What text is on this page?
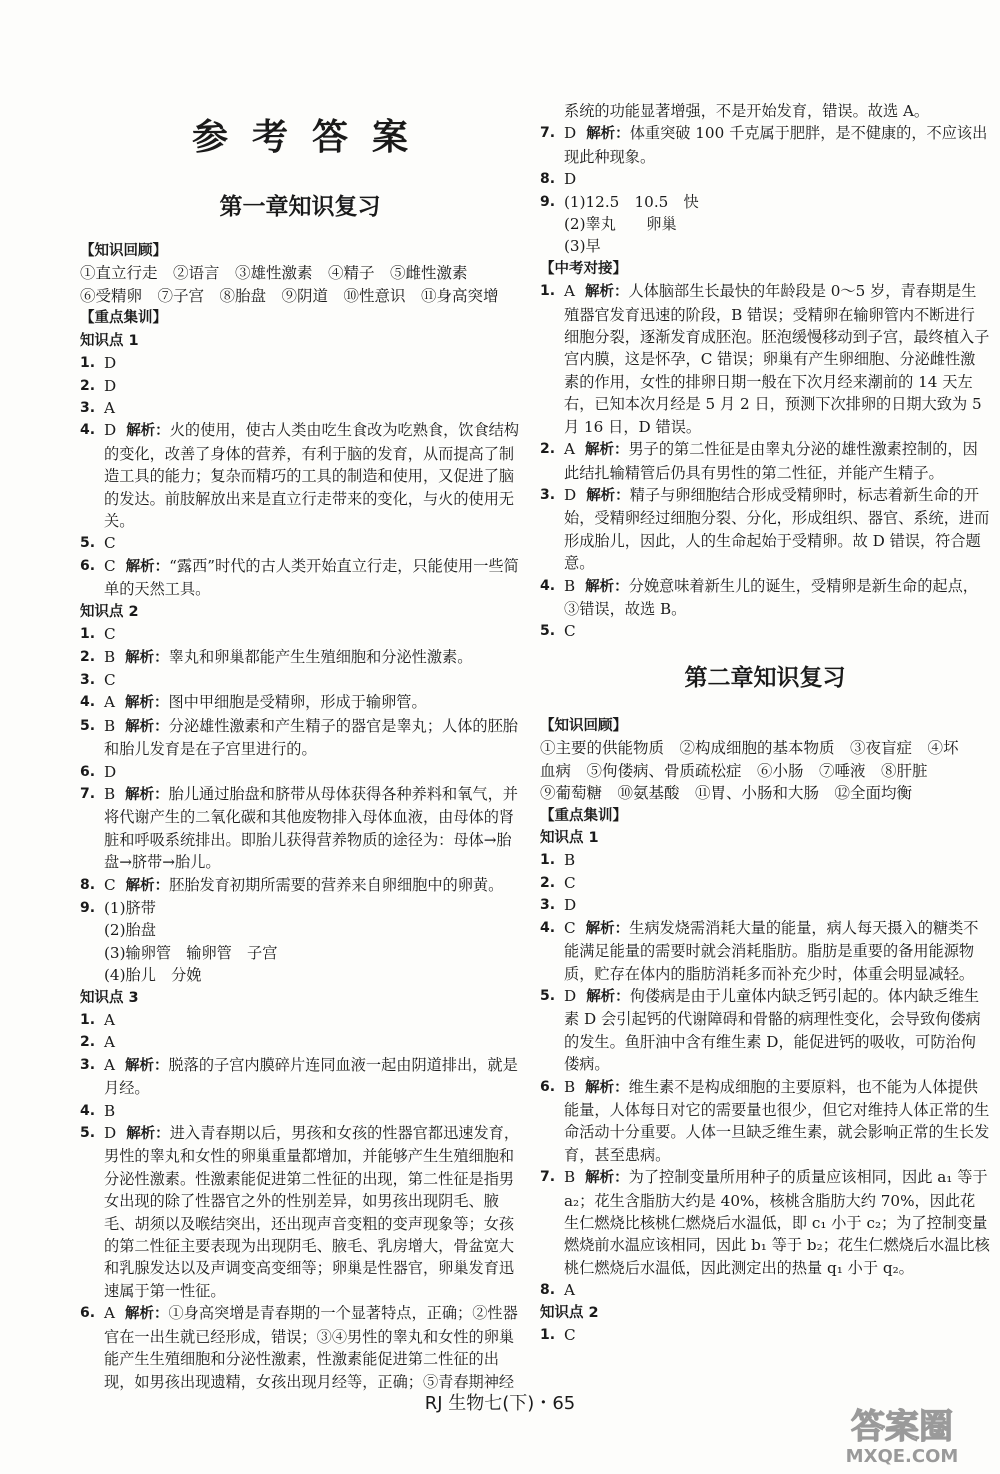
参考答案
第一章知识复习
【知识回顾】
①直立行走　②语言　③雄性激素　④精子　⑤雌性激素
⑥受精卵　⑦子宫　⑧胎盘　⑨阴道　⑩性意识　⑪身高突增
【重点集训】
知识点 1
1. D
2. D
3. A
4. D 解析：火的使用，使古人类由吃生食改为吃熟食，饮食结构的变化，改善了身体的营养，有利于脑的发育，从而提高了制造工具的能力；复杂而精巧的工具的制造和使用，又促进了脑的发达。前肢解放出来是直立行走带来的变化，与火的使用无关。
5. C
6. C 解析：“露西”时代的古人类开始直立行走，只能使用一些简单的天然工具。
知识点 2
1. C
2. B 解析：睾丸和卵巢都能产生生殖细胞和分泌性激素。
3. C
4. A 解析：图中甲细胞是受精卵，形成于输卵管。
5. B 解析：分泌雄性激素和产生精子的器官是睾丸；人体的胚胎和胎儿发育是在子宫里进行的。
6. D
7. B 解析：胎儿通过胎盘和脐带从母体获得各种养料和氧气，并将代谢产生的二氧化碳和其他废物排入母体血液，由母体的肾脏和呼吸系统排出。即胎儿获得营养物质的途径为：母体→胎盘→脐带→胎儿。
8. C 解析：胚胎发育初期所需要的营养来自卵细胞中的卵黄。
9. (1)脐带
(2)胎盘
(3)输卵管　输卵管　子宫
(4)胎儿　分娩
知识点 3
1. A
2. A
3. A 解析：脱落的子宫内膜碎片连同血液一起由阴道排出，就是月经。
4. B
5. D 解析：进入青春期以后，男孩和女孩的性器官都迅速发育，男性的睾丸和女性的卵巢重量都增加，并能够产生生殖细胞和分泌性激素。性激素能促进第二性征的出现，第二性征是指男女出现的除了性器官之外的性别差异，如男孩出现阴毛、腋毛、胡须以及喉结突出，还出现声音变粗的变声现象等；女孩的第二性征主要表现为出现阴毛、腋毛、乳房增大，骨盆宽大和乳腺发达以及声调变高变细等；卵巢是性器官，卵巢发育迅速属于第一性征。
6. A 解析：①身高突增是青春期的一个显著特点，正确；②性器官在一出生就已经形成，错误；③④男性的睾丸和女性的卵巢能产生生殖细胞和分泌性激素，性激素能促进第二性征的出现，如男孩出现遗精，女孩出现月经等，正确；⑤青春期神经
系统的功能显著增强，不是开始发育，错误。故选 A。
7. D 解析：体重突破 100 千克属于肥胖，是不健康的，不应该出现此种现象。
8. D
9. (1)12.5　10.5　快
(2)睾丸　　卵巢
(3)早
【中考对接】
1. A 解析：人体脑部生长最快的年龄段是 0～5 岁，青春期是生殖器官发育迅速的阶段，B 错误；受精卵在输卵管内不断进行细胞分裂，逐渐发育成胚泡。胚泡缓慢移动到子宫，最终植入子宫内膜，这是怀孕，C 错误；卵巢有产生卵细胞、分泌雌性激素的作用，女性的排卵日期一般在下次月经来潮前的 14 天左右，已知本次月经是 5 月 2 日，预测下次排卵的日期大致为 5 月 16 日，D 错误。
2. A 解析：男子的第二性征是由睾丸分泌的雄性激素控制的，因此结扎输精管后仍具有男性的第二性征，并能产生精子。
3. D 解析：精子与卵细胞结合形成受精卵时，标志着新生命的开始，受精卵经过细胞分裂、分化，形成组织、器官、系统，进而形成胎儿，因此，人的生命起始于受精卵。故 D 错误，符合题意。
4. B 解析：分娩意味着新生儿的诞生，受精卵是新生命的起点，③错误，故选 B。
5. C
第二章知识复习
【知识回顾】
①主要的供能物质　②构成细胞的基本物质　③夜盲症　④坏
血病　⑤佝偻病、骨质疏松症　⑥小肠　⑦唾液　⑧肝脏
⑨葡萄糖　⑩氨基酸　⑪胃、小肠和大肠　⑫全面均衡
【重点集训】
知识点 1
1. B
2. C
3. D
4. C 解析：生病发烧需消耗大量的能量，病人每天摄入的糖类不能满足能量的需要时就会消耗脂肪。脂肪是重要的备用能源物质，贮存在体内的脂肪消耗多而补充少时，体重会明显减轻。
5. D 解析：佝偻病是由于儿童体内缺乏钙引起的。体内缺乏维生素 D 会引起钙的代谢障碍和骨骼的病理性变化，会导致佝偻病的发生。鱼肝油中含有维生素 D，能促进钙的吸收，可防治佝偻病。
6. B 解析：维生素不是构成细胞的主要原料，也不能为人体提供能量，人体每日对它的需要量也很少，但它对维持人体正常的生命活动十分重要。人体一旦缺乏维生素，就会影响正常的生长发育，甚至患病。
7. B 解析：为了控制变量所用种子的质量应该相同，因此 a₁ 等于 a₂；花生含脂肪大约是 40%，核桃含脂肪大约 70%，因此花生仁燃烧比核桃仁燃烧后水温低，即 c₁ 小于 c₂；为了控制变量燃烧前水温应该相同，因此 b₁ 等于 b₂；花生仁燃烧后水温比核桃仁燃烧后水温低，因此测定出的热量 q₁ 小于 q₂。
8. A
知识点 2
1. C
RJ 生物七(下)・65
答案圈
MXQE.COM
